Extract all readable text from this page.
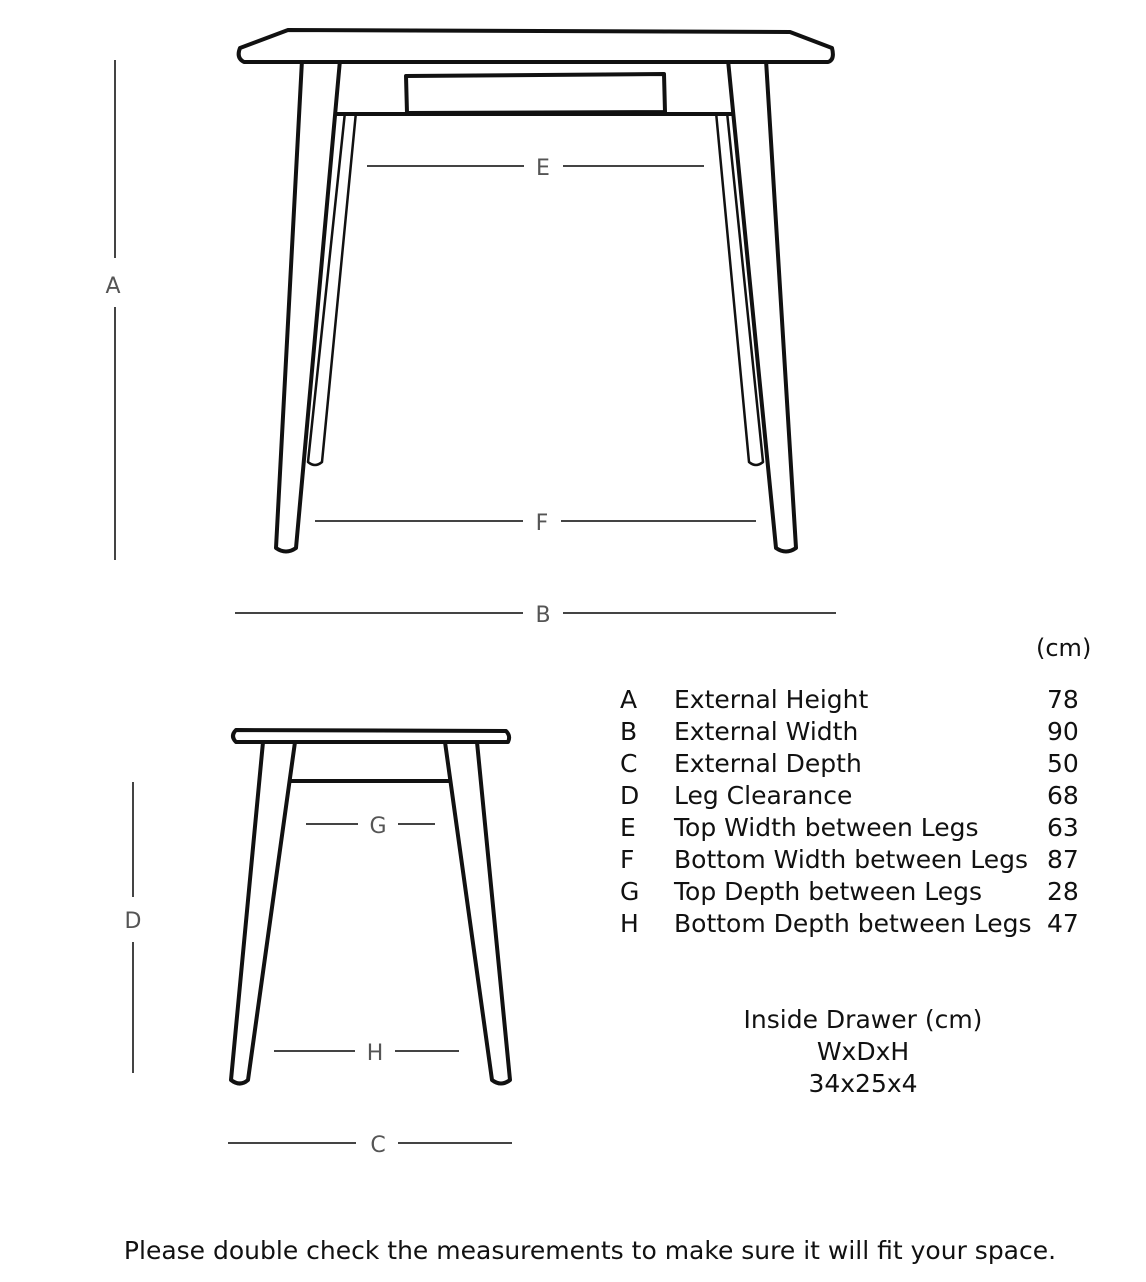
A
E
F
B
D
G
H
C
(cm)
A	External Height	78
B	External Width	90
C	External Depth	50
D	Leg Clearance	68
E	Top Width between Legs	63
F	Bottom Width between Legs	87
G	Top Depth between Legs	28
H	Bottom Depth between Legs	47
Inside Drawer (cm)
WxDxH
34x25x4
Please double check the measurements to make sure it will fit your space.
